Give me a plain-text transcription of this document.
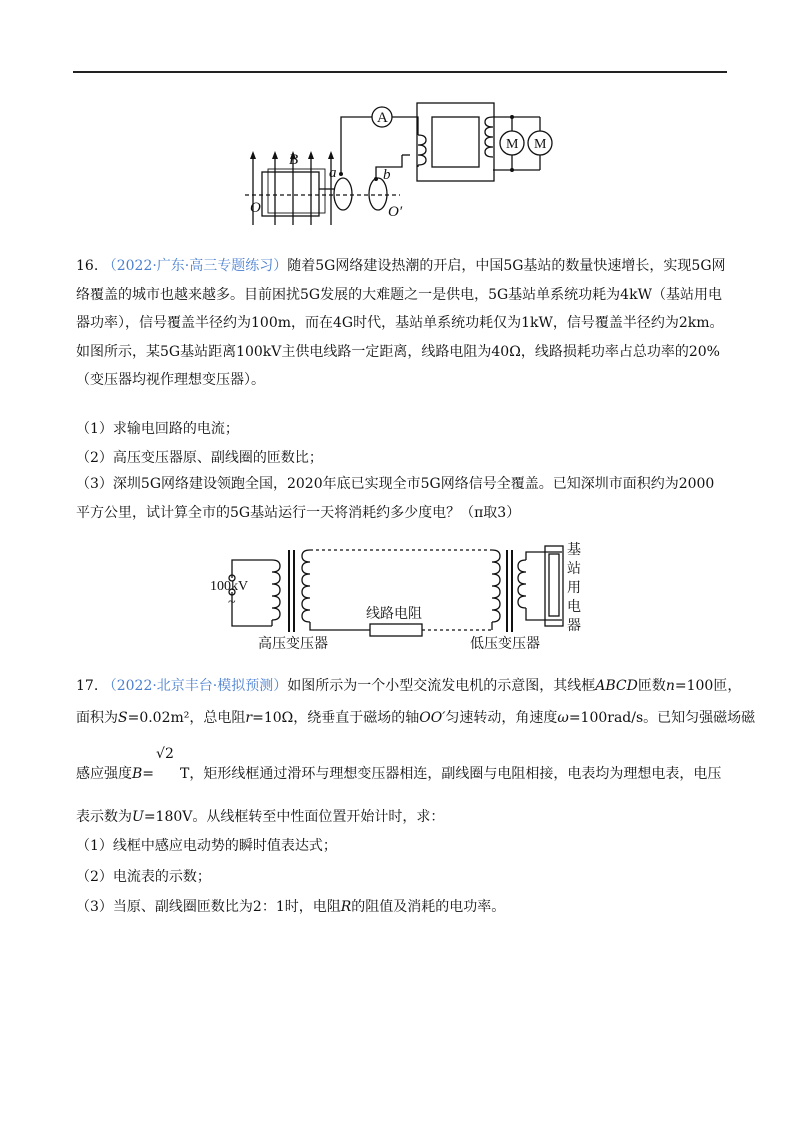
B
O	O′
a	b
A
M M

16. （2022·广东·高三专题练习）随着5G网络建设热潮的开启，中国5G基站的数量快速增长，实现5G网络覆盖的城市也越来越多。目前困扰5G发展的大难题之一是供电，5G基站单系统功耗为4kW（基站用电器功率），信号覆盖半径约为100m，而在4G时代，基站单系统功耗仅为1kW，信号覆盖半径约为2km。如图所示，某5G基站距离100kV主供电线路一定距离，线路电阻为40Ω，线路损耗功率占总功率的20%（变压器均视作理想变压器）。

（1）求输电回路的电流；
（2）高压变压器原、副线圈的匝数比；

（3）深圳5G网络建设领跑全国，2020年底已实现全市5G网络信号全覆盖。已知深圳市面积约为2000平方公里，试计算全市的5G基站运行一天将消耗约多少度电？（π取3）

100kV
~
高压变压器
线路电阻
低压变压器
基
站
用
电
器
17. （2022·北京丰台·模拟预测）如图所示为一个小型交流发电机的示意图，其线框ABCD匝数n=100匝，
面积为S=0.02m²，总电阻r=10Ω，绕垂直于磁场的轴OO′匀速转动，角速度ω=100rad/s。已知匀强磁场磁
感应强度B=
√2
T，矩形线框通过滑环与理想变压器相连，副线圈与电阻相接，电表均为理想电表，电压
表示数为U=180V。从线框转至中性面位置开始计时，求：
（1）线框中感应电动势的瞬时值表达式；
（2）电流表的示数；
（3）当原、副线圈匝数比为2：1时，电阻R的阻值及消耗的电功率。
